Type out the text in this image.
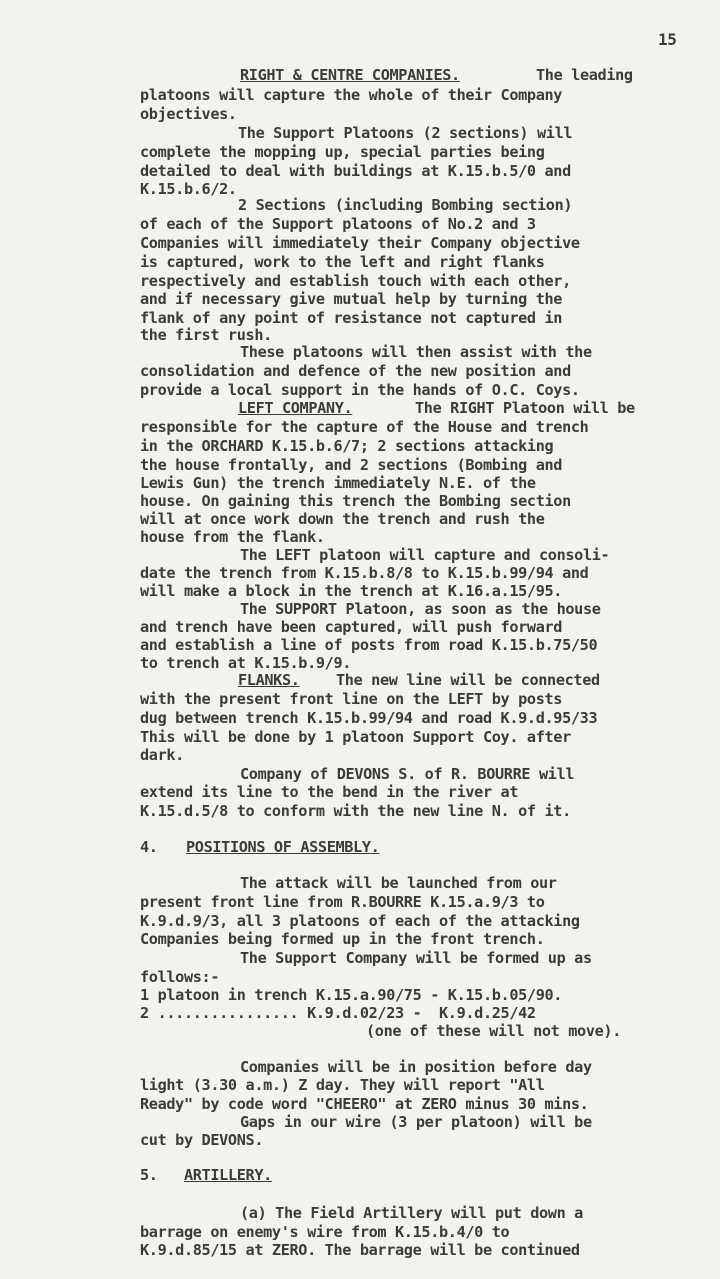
15
RIGHT & CENTRE COMPANIES.	The leading
platoons will capture the whole of their Company
objectives.
The Support Platoons (2 sections) will
complete the mopping up, special parties being
detailed to deal with buildings at K.15.b.5/0 and
K.15.b.6/2.
2 Sections (including Bombing section)
of each of the Support platoons of No.2 and 3
Companies will immediately their Company objective
is captured, work to the left and right flanks
respectively and establish touch with each other,
and if necessary give mutual help by turning the
flank of any point of resistance not captured in
the first rush.
These platoons will then assist with the
consolidation and defence of the new position and
provide a local support in the hands of O.C. Coys.
LEFT COMPANY.	The RIGHT Platoon will be
responsible for the capture of the House and trench
in the ORCHARD K.15.b.6/7; 2 sections attacking
the house frontally, and 2 sections (Bombing and
Lewis Gun) the trench immediately N.E. of the
house. On gaining this trench the Bombing section
will at once work down the trench and rush the
house from the flank.
The LEFT platoon will capture and consoli-
date the trench from K.15.b.8/8 to K.15.b.99/94 and
will make a block in the trench at K.16.a.15/95.
The SUPPORT Platoon, as soon as the house
and trench have been captured, will push forward
and establish a line of posts from road K.15.b.75/50
to trench at K.15.b.9/9.
FLANKS. The new line will be connected
with the present front line on the LEFT by posts
dug between trench K.15.b.99/94 and road K.9.d.95/33
This will be done by 1 platoon Support Coy. after
dark.
Company of DEVONS S. of R. BOURRE will
extend its line to the bend in the river at
K.15.d.5/8 to conform with the new line N. of it.
4. POSITIONS OF ASSEMBLY.
The attack will be launched from our
present front line from R.BOURRE K.15.a.9/3 to
K.9.d.9/3, all 3 platoons of each of the attacking
Companies being formed up in the front trench.
The Support Company will be formed up as
follows:-
1 platoon in trench K.15.a.90/75 - K.15.b.05/90.
2 ................ K.9.d.02/23 -  K.9.d.25/42
(one of these will not move).
Companies will be in position before day
light (3.30 a.m.) Z day. They will report "All
Ready" by code word "CHEERO" at ZERO minus 30 mins.
Gaps in our wire (3 per platoon) will be
cut by DEVONS.
5. ARTILLERY.
(a) The Field Artillery will put down a
barrage on enemy's wire from K.15.b.4/0 to
K.9.d.85/15 at ZERO. The barrage will be continued
